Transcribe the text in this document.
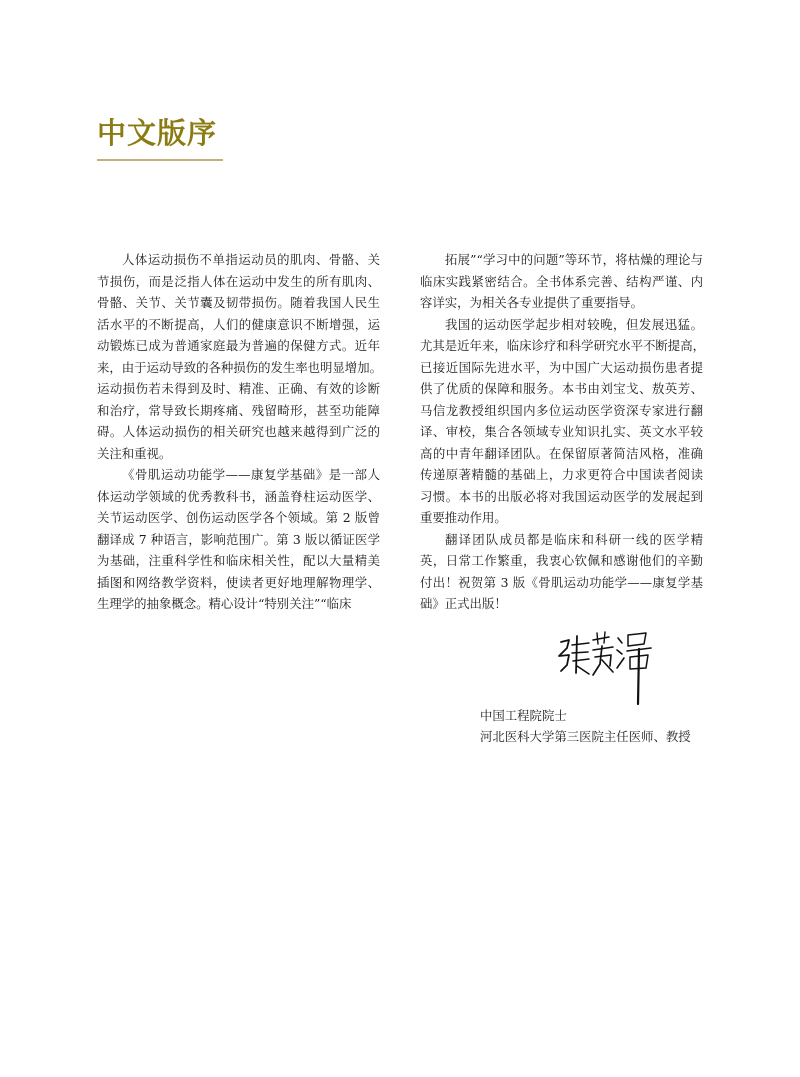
中文版序

人体运动损伤不单指运动员的肌肉、骨骼、关
节损伤，而是泛指人体在运动中发生的所有肌肉、
骨骼、关节、关节囊及韧带损伤。随着我国人民生
活水平的不断提高，人们的健康意识不断增强，运
动锻炼已成为普通家庭最为普遍的保健方式。近年
来，由于运动导致的各种损伤的发生率也明显增加。
运动损伤若未得到及时、精准、正确、有效的诊断
和治疗，常导致长期疼痛、残留畸形，甚至功能障
碍。人体运动损伤的相关研究也越来越得到广泛的
关注和重视。

《骨肌运动功能学——康复学基础》是一部人
体运动学领域的优秀教科书，涵盖脊柱运动医学、
关节运动医学、创伤运动医学各个领域。第 2 版曾
翻译成 7 种语言，影响范围广。第 3 版以循证医学
为基础，注重科学性和临床相关性，配以大量精美
插图和网络教学资料，使读者更好地理解物理学、
生理学的抽象概念。精心设计“特别关注”“临床

拓展”“学习中的问题”等环节，将枯燥的理论与
临床实践紧密结合。全书体系完善、结构严谨、内
容详实，为相关各专业提供了重要指导。

我国的运动医学起步相对较晚，但发展迅猛。
尤其是近年来，临床诊疗和科学研究水平不断提高，
已接近国际先进水平，为中国广大运动损伤患者提
供了优质的保障和服务。本书由刘宝戈、敖英芳、
马信龙教授组织国内多位运动医学资深专家进行翻
译、审校，集合各领域专业知识扎实、英文水平较
高的中青年翻译团队。在保留原著简洁风格，准确
传递原著精髓的基础上，力求更符合中国读者阅读
习惯。本书的出版必将对我国运动医学的发展起到
重要推动作用。

翻译团队成员都是临床和科研一线的医学精
英，日常工作繁重，我衷心钦佩和感谢他们的辛勤
付出！祝贺第 3 版《骨肌运动功能学——康复学基
础》正式出版！

中国工程院院士
河北医科大学第三医院主任医师、教授
